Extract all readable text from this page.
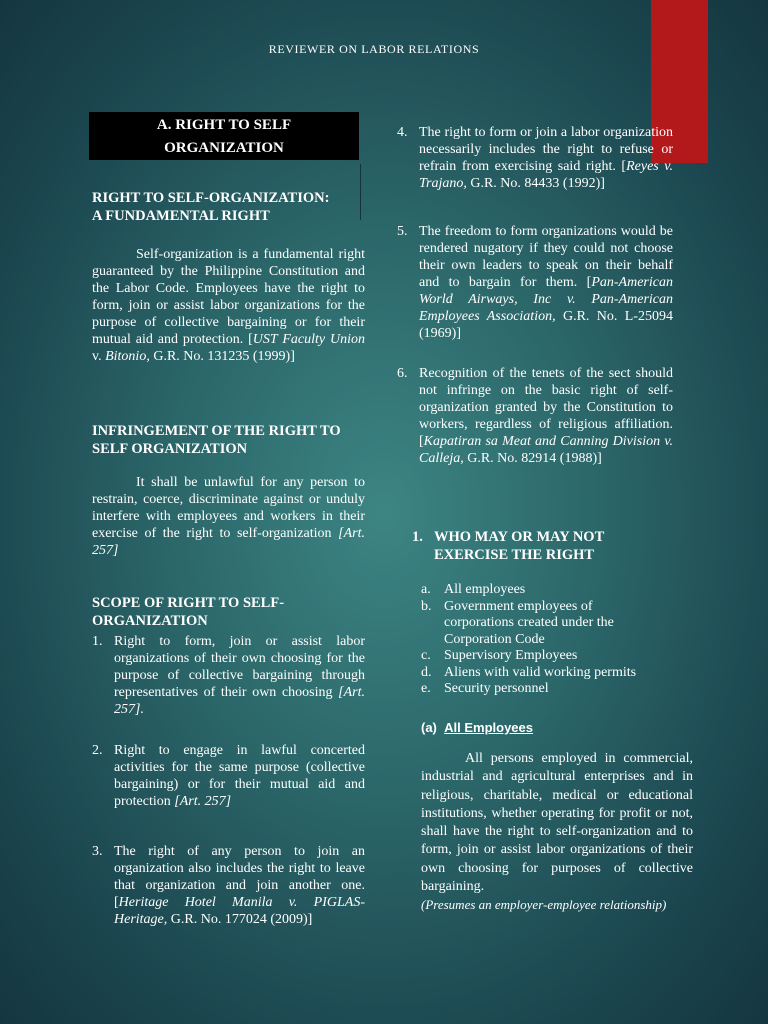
REVIEWER ON LABOR RELATIONS
A. RIGHT TO SELF
ORGANIZATION
RIGHT TO SELF-ORGANIZATION:
A FUNDAMENTAL RIGHT

Self-organization is a fundamental right guaranteed by the Philippine Constitution and the Labor Code. Employees have the right to form, join or assist labor organizations for the purpose of collective bargaining or for their mutual aid and protection. [UST Faculty Union v. Bitonio, G.R. No. 131235 (1999)]

INFRINGEMENT OF THE RIGHT TO SELF ORGANIZATION

It shall be unlawful for any person to restrain, coerce, discriminate against or unduly interfere with employees and workers in their exercise of the right to self-organization [Art. 257]

SCOPE OF RIGHT TO SELF-ORGANIZATION
1. Right to form, join or assist labor organizations of their own choosing for the purpose of collective bargaining through representatives of their own choosing [Art. 257].
2. Right to engage in lawful concerted activities for the same purpose (collective bargaining) or for their mutual aid and protection [Art. 257]
3. The right of any person to join an organization also includes the right to leave that organization and join another one. [Heritage Hotel Manila v. PIGLAS- Heritage, G.R. No. 177024 (2009)]
4. The right to form or join a labor organization necessarily includes the right to refuse or refrain from exercising said right. [Reyes v. Trajano, G.R. No. 84433 (1992)]
5. The freedom to form organizations would be rendered nugatory if they could not choose their own leaders to speak on their behalf and to bargain for them. [Pan-American World Airways, Inc v. Pan-American Employees Association, G.R. No. L-25094 (1969)]
6. Recognition of the tenets of the sect should not infringe on the basic right of self- organization granted by the Constitution to workers, regardless of religious affiliation. [Kapatiran sa Meat and Canning Division v. Calleja, G.R. No. 82914 (1988)]
1. WHO MAY OR MAY NOT
EXERCISE THE RIGHT
a. All employees
b. Government employees of corporations created under the Corporation Code
c. Supervisory Employees
d. Aliens with valid working permits
e. Security personnel
(a) All Employees

All persons employed in commercial, industrial and agricultural enterprises and in religious, charitable, medical or educational institutions, whether operating for profit or not, shall have the right to self-organization and to form, join or assist labor organizations of their own choosing for purposes of collective bargaining.

(Presumes an employer-employee relationship)
